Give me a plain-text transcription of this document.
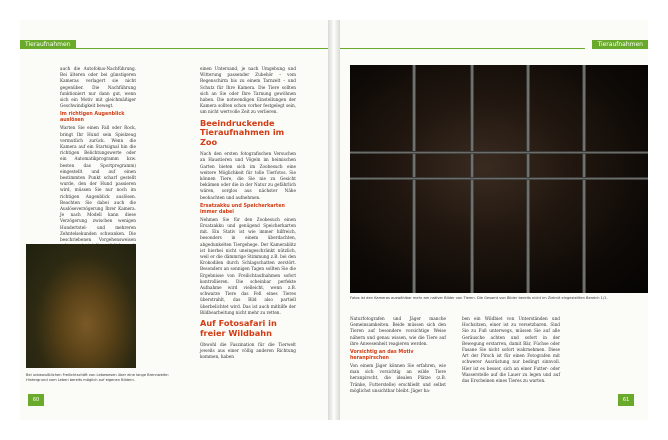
Tieraufnahmen

auch die Autofokus-Nachführung. Bei älteren oder bei günstigeren Kameras verlagert sie nicht gegenüber. Die Nachführung funktioniert nur dann gut, wenn sich ein Motiv mit gleichmäßiger Geschwindigkeit bewegt.

Im richtigen Augenblick auslösen

Warten Sie einen Fall oder Rock, bringt Ihr Hund sein Spielzeug vermutlich zurück. Wenn die Kamera auf ein Startsignal hin die richtigen Belichtungswerte oder ein Automatikprogramm bzw. besten das Sportprogramm) eingestellt und auf einen bestimmten Punkt scharf gestellt wurde, den der Hund passieren wird, müssen Sie nur noch im richtigen Augenblick auslösen. Beachten Sie dabei auch die Auslöseverzögerung Ihrer Kamera. Je nach Modell kann diese Verzögerung zwischen wenigen Hundertstel- und mehreren Zehntelsekunden schwanken. Die beschriebenen Vorgehensweisen

Bei unbewußtlichen Freilichtschäft von Lebewesen über eine lange Brennweite: Hintergrund vom Leben bereits möglich auf eigenen Bildern.

einen Untersand, je nach Umgebung und Witterung passender Zubehör – vom Regenschirm bis zu einem Tarnzelt – und Schutz für Ihre Kamera. Die Tiere sollten sich an Sie oder Ihre Tarnung gewöhnen haben. Die notwendigen Einstellungen der Kamera sollten schon vorher festgelegt sein, um nicht wertvolle Zeit zu verlieren.

Beeindruckende Tieraufnahmen im Zoo

Nach den ersten fotografischen Versuchen an Haustieren und Vögeln im heimischen Garten bieten sich im Zoobesuch eine weitere Möglichkeit für tolle Tierfotos. Sie können Tiere, die Sie nie zu Gesicht bekämen oder die in der Natur zu gefährlich wären, sorglos aus nächster Nähe beobachten und aufnehmen.

Ersatzakku und Speicherkarten immer dabei

Nehmen Sie für den Zoobesuch einen Ersatzakku und genügend Speicherkarten mit. Ein Stativ ist wie immer hilfreich, besonders in einem überdachten, abgedunkelten Tiergehege. Der Kamerablitz ist hierbei nicht uneingeschränkt nützlich, weil er die dämmrige Stimmung z.B. bei den Krokodilen durch Schlagschatten zerstört. Besonders an sonnigen Tagen sollten Sie die Ergebnisse von Freilichtaufnahmen sofort kontrollieren. Die scheinbar perfekte Aufnahme wird vielleicht, wenn z.B. schwarze Tiere das Fell eines Tieres überstrahlt, das Bild also partiell überbelichtet wird. Das ist auch mithilfe der Bildbearbeitung nicht mehr zu retten.

Auf Fotosafari in freier Wildbahn

Obwohl die Faszination für die Tierwelt jeweils aus einer völlig anderen Richtung kommen, haben

60
Tieraufnahmen
Fotos ist den Kameras auswählbar mehr am nativer Bilder von Tieren. Die Gesamt von Bilder bereits nicht im Zielmit eingestellten Bereich 1/1.

Naturfotografen und Jäger manche Gemeinsamkeiten. Beide müssen sich den Tieren auf besondere vorsichtige Weise nähern und genau wissen, wie die Tiere auf ihre Anwesenheit reagieren werden.

Vorsichtig an das Motiv heranpirschen

Von einem Jäger können Sie erfahren, wie man sich vorsichtig an wilde Tiere heranpirscht, die idealen Plätze (z.B. Tränke, Futterstelle) erschließt und selbst möglichst unsichtbar bleibt. Jäger ha-

ben ein Wildbiet von Unterständen und Hochsitzen, einer ist zu versetzbaren. Sind Sie zu Fuß unterwegs, müssen Sie auf alle Geräusche achten und sofort in der Bewegung erstarren, damit Bär, Füchse oder Fasane Sie nicht sofort wahrnehmen. Diese Art der Pirsch ist für einen Fotografen mit schwerer Ausrüstung nur bedingt sinnvoll. Hier ist es besser, sich an einer Futter- oder Wasserstelle auf die Lauer zu legen und auf das Erscheinen eines Tieres zu warten.

61
